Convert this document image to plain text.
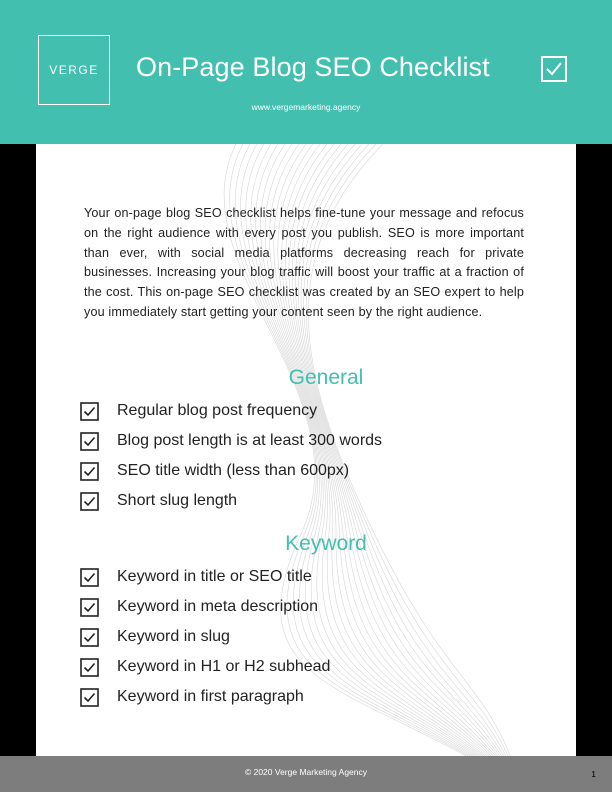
VERGE On-Page Blog SEO Checklist
www.vergemarketing.agency

Your on-page blog SEO checklist helps fine-tune your message and refocus on the right audience with every post you publish. SEO is more important than ever, with social media platforms decreasing reach for private businesses. Increasing your blog traffic will boost your traffic at a fraction of the cost. This on-page SEO checklist was created by an SEO expert to help you immediately start getting your content seen by the right audience.

General
Regular blog post frequency
Blog post length is at least 300 words
SEO title width (less than 600px)
Short slug length
Keyword
Keyword in title or SEO title
Keyword in meta description
Keyword in slug
Keyword in H1 or H2 subhead
Keyword in first paragraph
© 2020 Verge Marketing Agency	1
